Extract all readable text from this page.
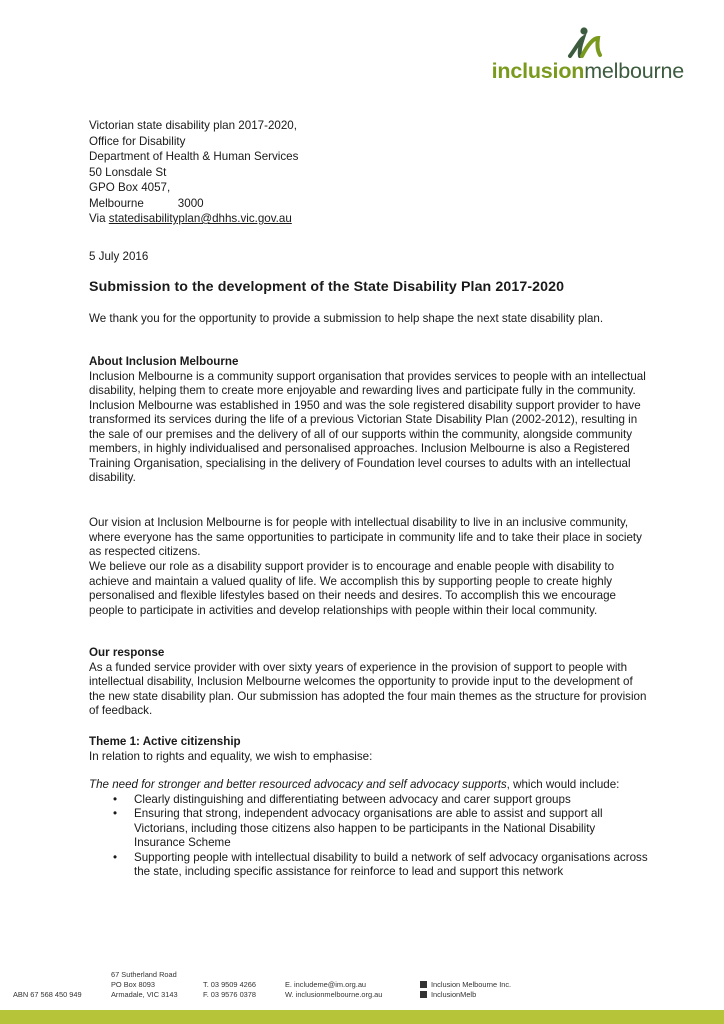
inclusionmelbourne
Victorian state disability plan 2017-2020,
Office for Disability
Department of Health & Human Services
50 Lonsdale St
GPO Box 4057,
Melbourne	3000
Via statedisabilityplan@dhhs.vic.gov.au
5 July 2016
Submission to the development of the State Disability Plan 2017-2020
We thank you for the opportunity to provide a submission to help shape the next state disability plan.

About Inclusion Melbourne

Inclusion Melbourne is a community support organisation that provides services to people with an intellectual disability, helping them to create more enjoyable and rewarding lives and participate fully in the community. Inclusion Melbourne was established in 1950 and was the sole registered disability support provider to have transformed its services during the life of a previous Victorian State Disability Plan (2002-2012), resulting in the sale of our premises and the delivery of all of our supports within the community, alongside community members, in highly individualised and personalised approaches. Inclusion Melbourne is also a Registered Training Organisation, specialising in the delivery of Foundation level courses to adults with an intellectual disability.

Our vision at Inclusion Melbourne is for people with intellectual disability to live in an inclusive community, where everyone has the same opportunities to participate in community life and to take their place in society as respected citizens.
We believe our role as a disability support provider is to encourage and enable people with disability to achieve and maintain a valued quality of life. We accomplish this by supporting people to create highly personalised and flexible lifestyles based on their needs and desires. To accomplish this we encourage people to participate in activities and develop relationships with people within their local community.

Our response

As a funded service provider with over sixty years of experience in the provision of support to people with intellectual disability, Inclusion Melbourne welcomes the opportunity to provide input to the development of the new state disability plan. Our submission has adopted the four main themes as the structure for provision of feedback.

Theme 1: Active citizenship

In relation to rights and equality, we wish to emphasise:

The need for stronger and better resourced advocacy and self advocacy supports, which would include:

• Clearly distinguishing and differentiating between advocacy and carer support groups
• Ensuring that strong, independent advocacy organisations are able to assist and support all Victorians, including those citizens also happen to be participants in the National Disability Insurance Scheme
• Supporting people with intellectual disability to build a network of self advocacy organisations across the state, including specific assistance for reinforce to lead and support this network
ABN 67 568 450 949
67 Sutherland Road
PO Box 8093
Armadale, VIC 3143
T. 03 9509 4266
F. 03 9576 0378
E. includeme@im.org.au
W. inclusionmelbourne.org.au
Inclusion Melbourne Inc.
InclusionMelb
